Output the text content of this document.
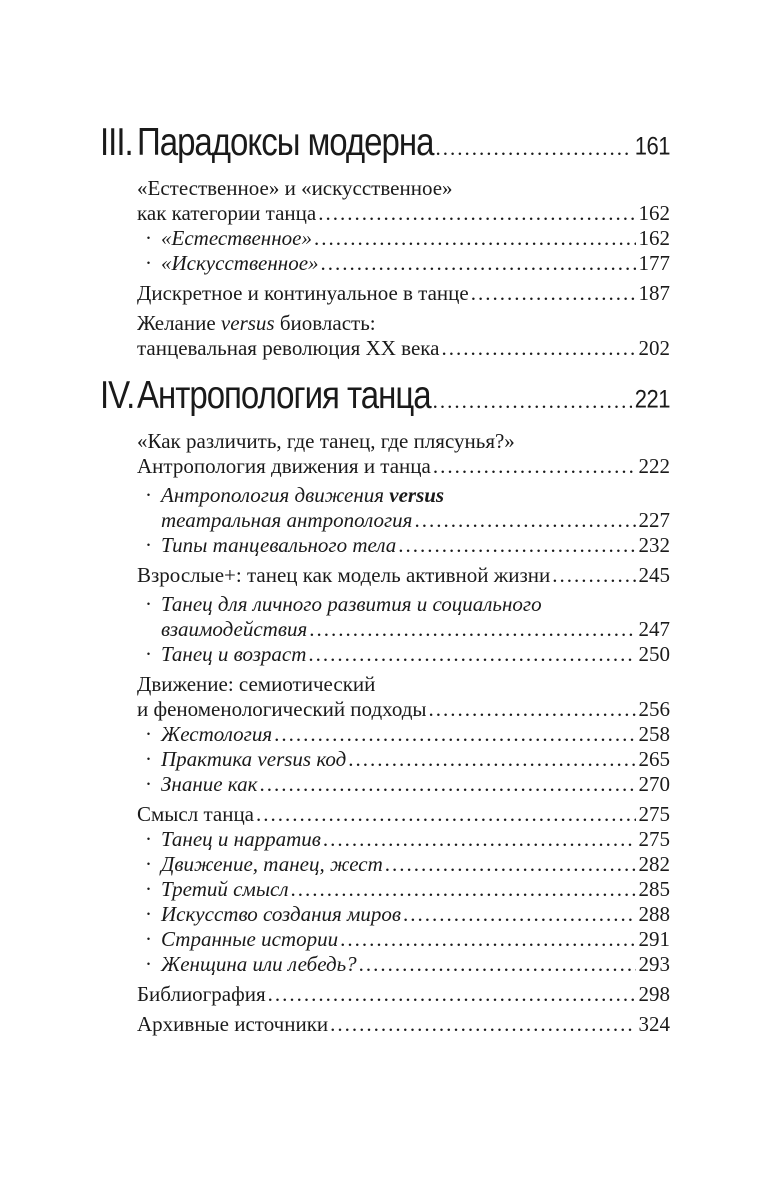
III. Парадоксы модерна .....	161
«Естественное» и «искусственное»
как категории танца .....	162
· «Естественное» .....	162
· «Искусственное» .....	177
Дискретное и континуальное в танце .....	187
Желание versus биовласть:
танцевальная революция XX века .....	202
IV. Антропология танца .....	221
«Как различить, где танец, где плясунья?»
Антропология движения и танца .....	222
· Антропология движения versus
театральная антропология .....	227
· Типы танцевального тела .....	232
Взрослые+: танец как модель активной жизни .....	245
· Танец для личного развития и социального
взаимодействия .....	247
· Танец и возраст .....	250
Движение: семиотический
и феноменологический подходы .....	256
· Жестология .....	258
· Практика versus код .....	265
· Знание как .....	270
Смысл танца .....	275
· Танец и нарратив .....	275
· Движение, танец, жест .....	282
· Третий смысл .....	285
· Искусство создания миров .....	288
· Странные истории .....	291
· Женщина или лебедь? .....	293
Библиография .....	298
Архивные источники .....	324
